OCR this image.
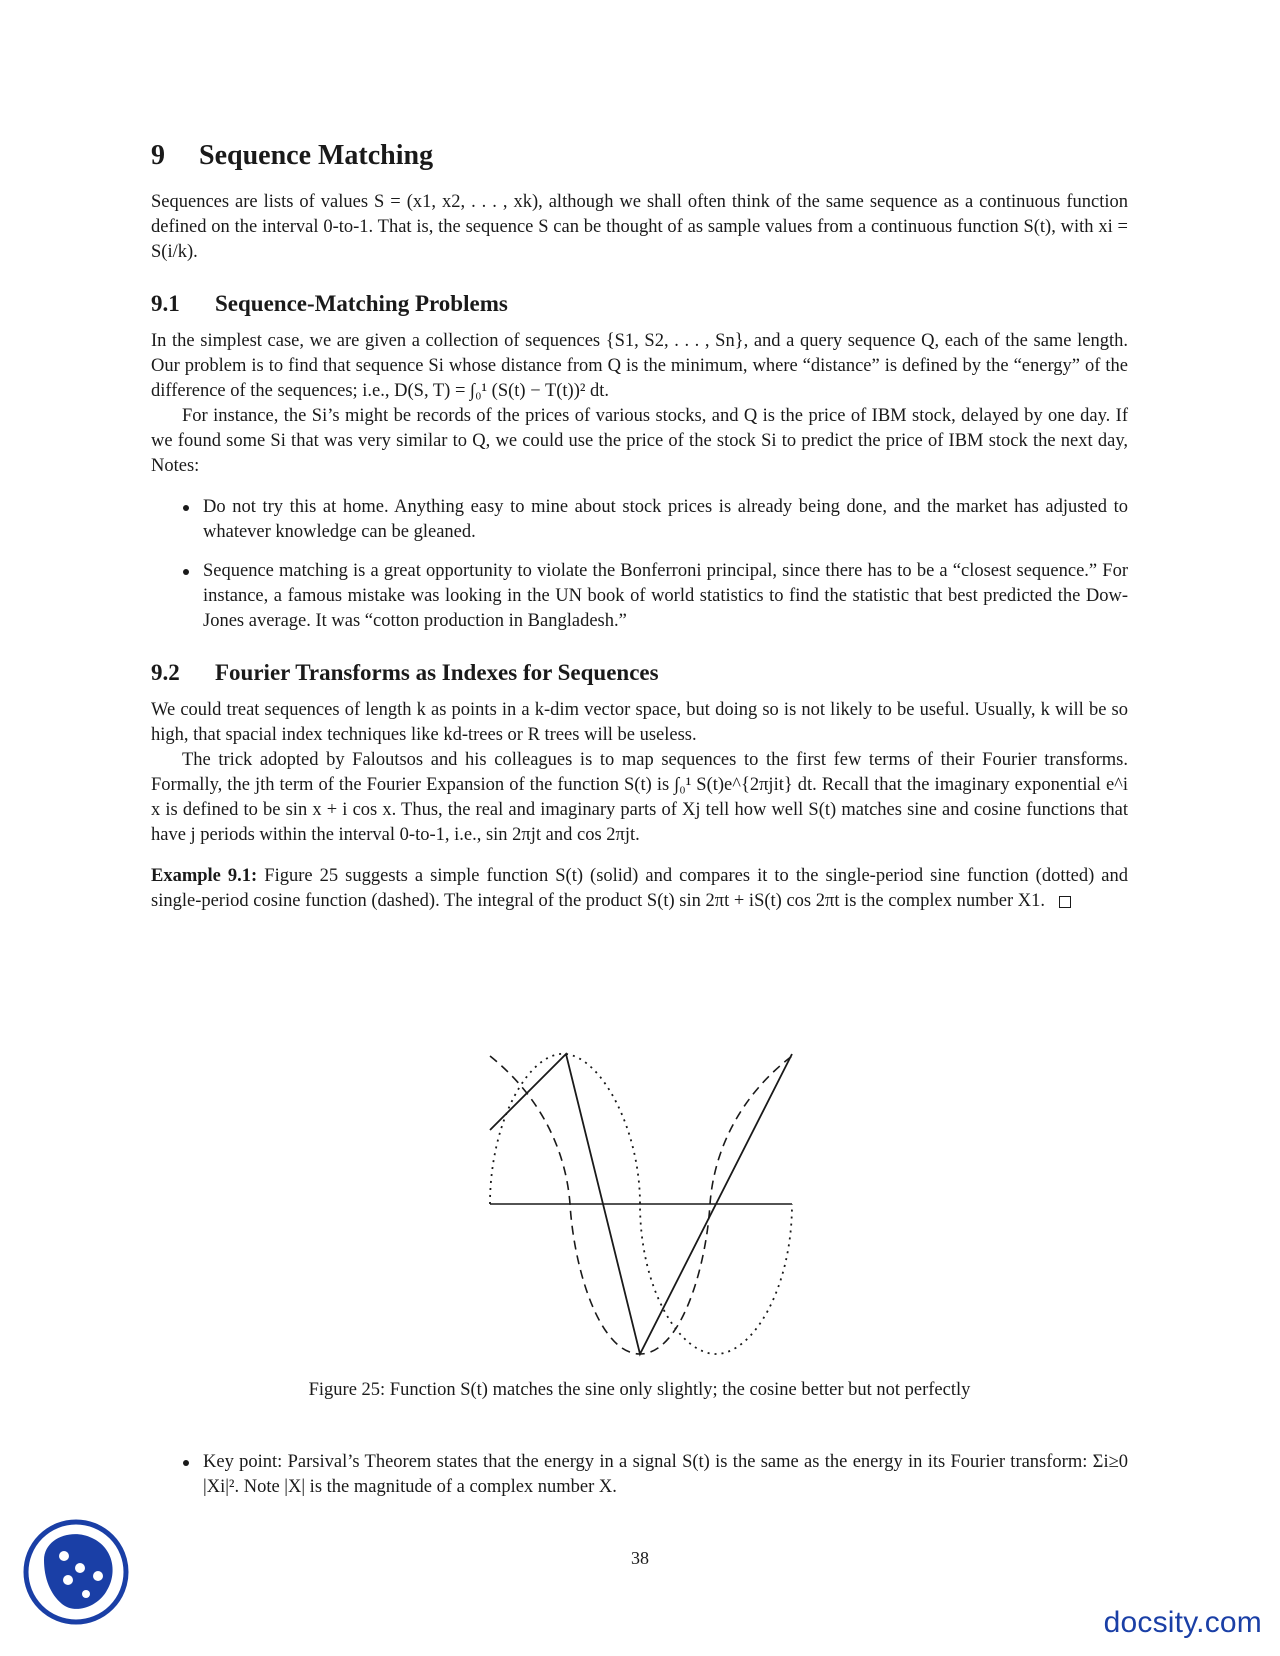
9 Sequence Matching

Sequences are lists of values S = (x1, x2, . . . , xk), although we shall often think of the same sequence as a continuous function defined on the interval 0-to-1. That is, the sequence S can be thought of as sample values from a continuous function S(t), with xi = S(i/k).

9.1 Sequence-Matching Problems

In the simplest case, we are given a collection of sequences {S1, S2, . . . , Sn}, and a query sequence Q, each of the same length. Our problem is to find that sequence Si whose distance from Q is the minimum, where “distance” is defined by the “energy” of the difference of the sequences; i.e., D(S, T) = ∫₀¹ (S(t) − T(t))² dt.

For instance, the Si’s might be records of the prices of various stocks, and Q is the price of IBM stock, delayed by one day. If we found some Si that was very similar to Q, we could use the price of the stock Si to predict the price of IBM stock the next day, Notes:

Do not try this at home. Anything easy to mine about stock prices is already being done, and the market has adjusted to whatever knowledge can be gleaned.

Sequence matching is a great opportunity to violate the Bonferroni principal, since there has to be a “closest sequence.” For instance, a famous mistake was looking in the UN book of world statistics to find the statistic that best predicted the Dow-Jones average. It was “cotton production in Bangladesh.”

9.2 Fourier Transforms as Indexes for Sequences

We could treat sequences of length k as points in a k-dim vector space, but doing so is not likely to be useful. Usually, k will be so high, that spacial index techniques like kd-trees or R trees will be useless.

The trick adopted by Faloutsos and his colleagues is to map sequences to the first few terms of their Fourier transforms. Formally, the jth term of the Fourier Expansion of the function S(t) is ∫₀¹ S(t)e^{2πjit} dt. Recall that the imaginary exponential e^i x is defined to be sin x + i cos x. Thus, the real and imaginary parts of Xj tell how well S(t) matches sine and cosine functions that have j periods within the interval 0-to-1, i.e., sin 2πjt and cos 2πjt.

Example 9.1: Figure 25 suggests a simple function S(t) (solid) and compares it to the single-period sine function (dotted) and single-period cosine function (dashed). The integral of the product S(t) sin 2πt + iS(t) cos 2πt is the complex number X1.

Figure 25: Function S(t) matches the sine only slightly; the cosine better but not perfectly

Key point: Parsival’s Theorem states that the energy in a signal S(t) is the same as the energy in its Fourier transform: Σi≥0 |Xi|². Note |X| is the magnitude of a complex number X.

38
docsity.com
